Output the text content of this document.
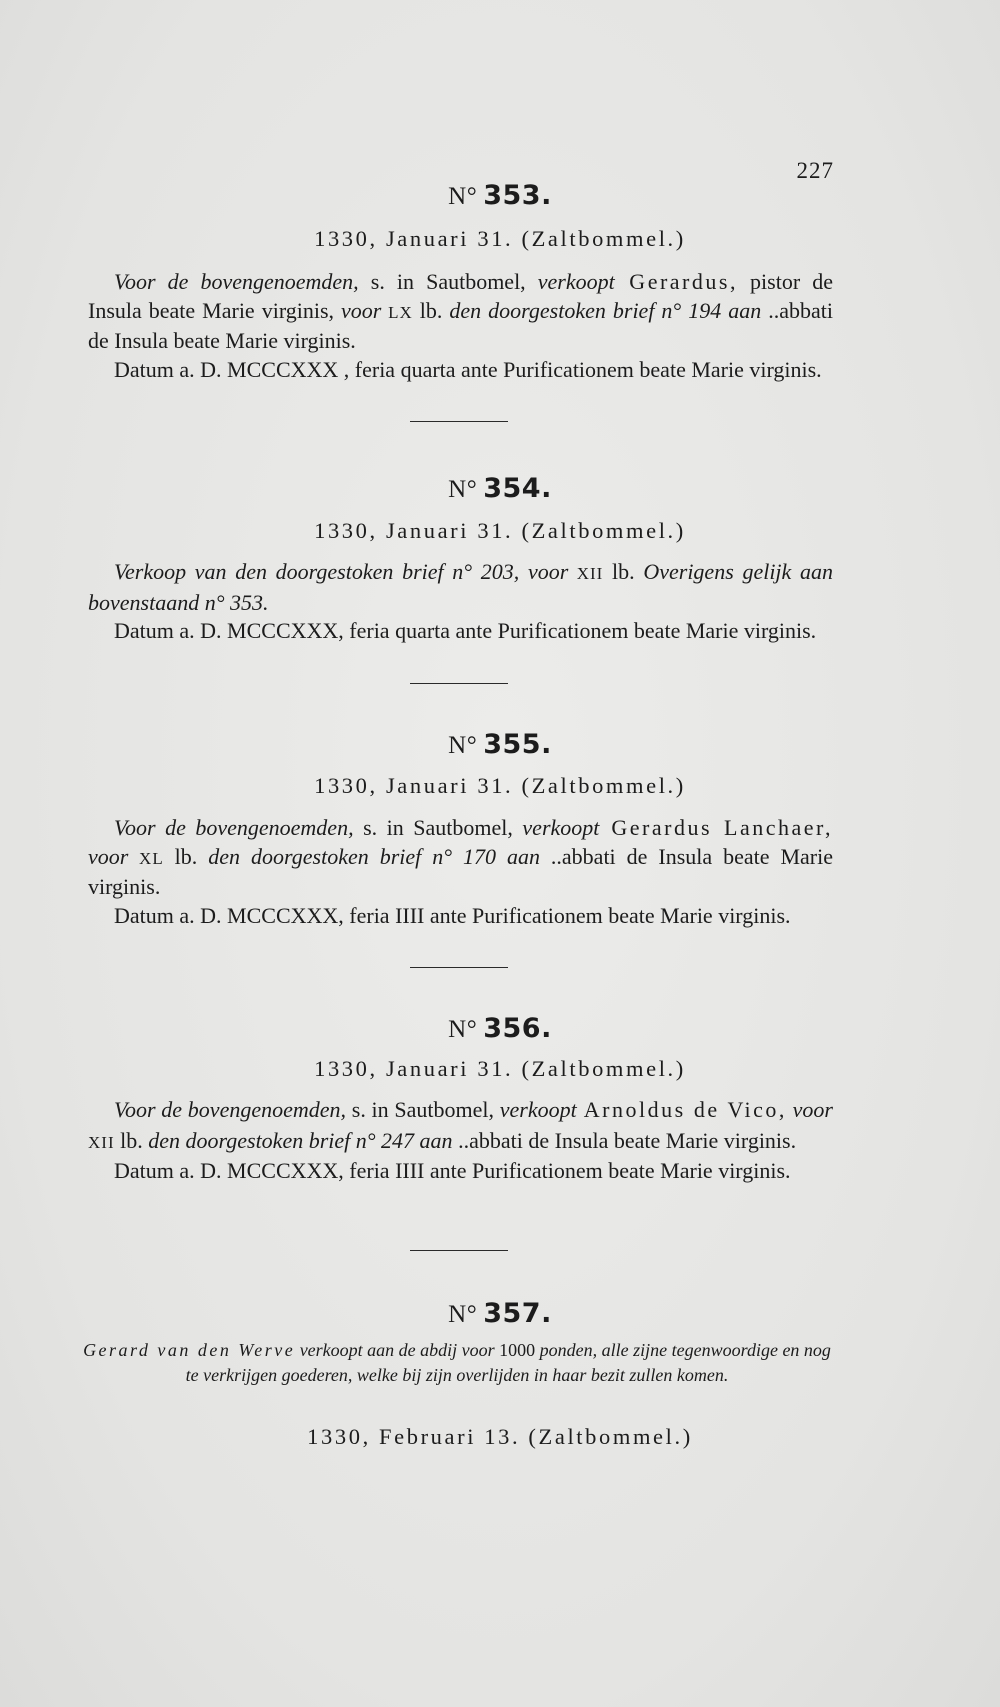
227
N° 353.
1330, Januari 31. (Zaltbommel.)

Voor de bovengenoemden, s. in Sautbomel, verkoopt Gerardus, pistor de Insula beate Marie virginis, voor LX lb. den doorgestoken brief n° 194 aan ..abbati de Insula beate Marie virginis.

Datum a. D. MCCCXXX , feria quarta ante Purificationem beate Marie virginis.

N° 354.
1330, Januari 31. (Zaltbommel.)

Verkoop van den doorgestoken brief n° 203, voor XII lb. Overigens gelijk aan bovenstaand n° 353.

Datum a. D. MCCCXXX, feria quarta ante Purificationem beate Marie virginis.

N° 355.
1330, Januari 31. (Zaltbommel.)

Voor de bovengenoemden, s. in Sautbomel, verkoopt Gerardus Lanchaer, voor XL lb. den doorgestoken brief n° 170 aan ..abbati de Insula beate Marie virginis.

Datum a. D. MCCCXXX, feria IIII ante Purificationem beate Marie virginis.

N° 356.
1330, Januari 31. (Zaltbommel.)

Voor de bovengenoemden, s. in Sautbomel, verkoopt Arnoldus de Vico, voor XII lb. den doorgestoken brief n° 247 aan ..abbati de Insula beate Marie virginis.

Datum a. D. MCCCXXX, feria IIII ante Purificationem beate Marie virginis.

N° 357.
Gerard van den Werve verkoopt aan de abdij voor 1000 ponden, alle zijne tegenwoordige en nog te verkrijgen goederen, welke bij zijn overlijden in haar bezit zullen komen.
1330, Februari 13. (Zaltbommel.)
